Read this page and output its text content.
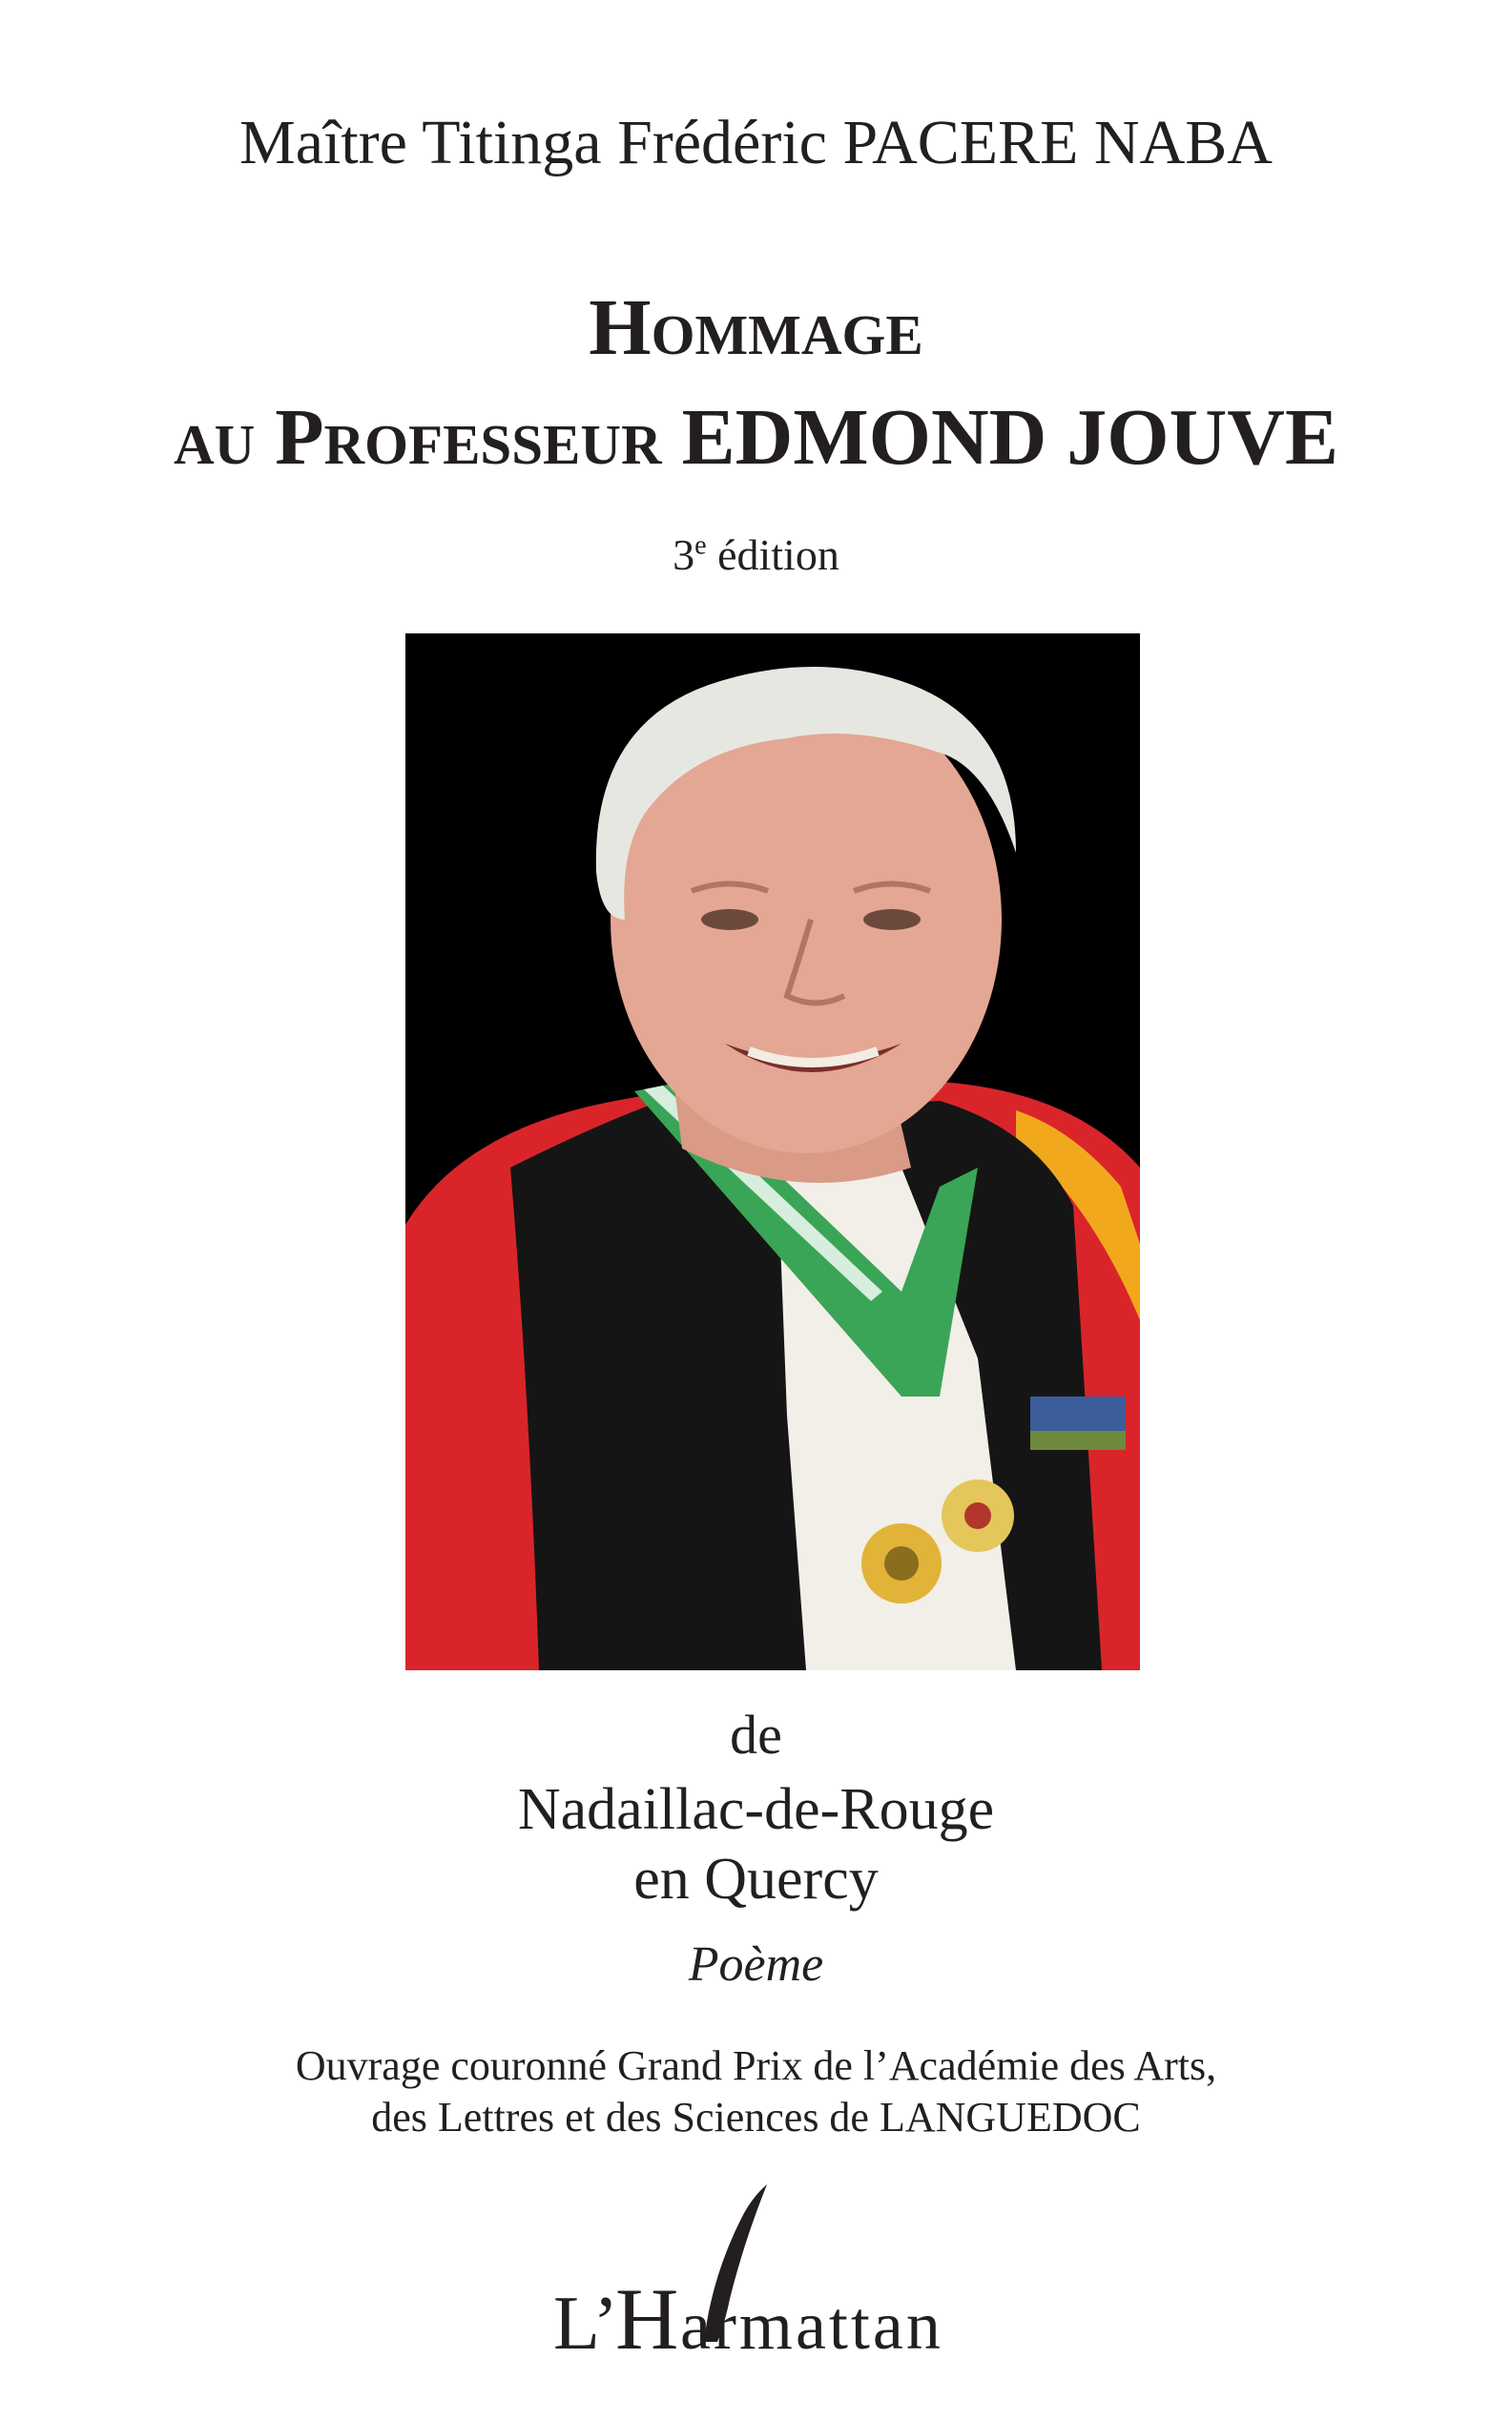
Maître Titinga Frédéric PACERE NABA
Hommage
au Professeur EDMOND JOUVE
3e édition
de
Nadaillac-de-Rouge
en Quercy
Poème
Ouvrage couronné Grand Prix de l’Académie des Arts,
des Lettres et des Sciences de LANGUEDOC
L’
H armattan
